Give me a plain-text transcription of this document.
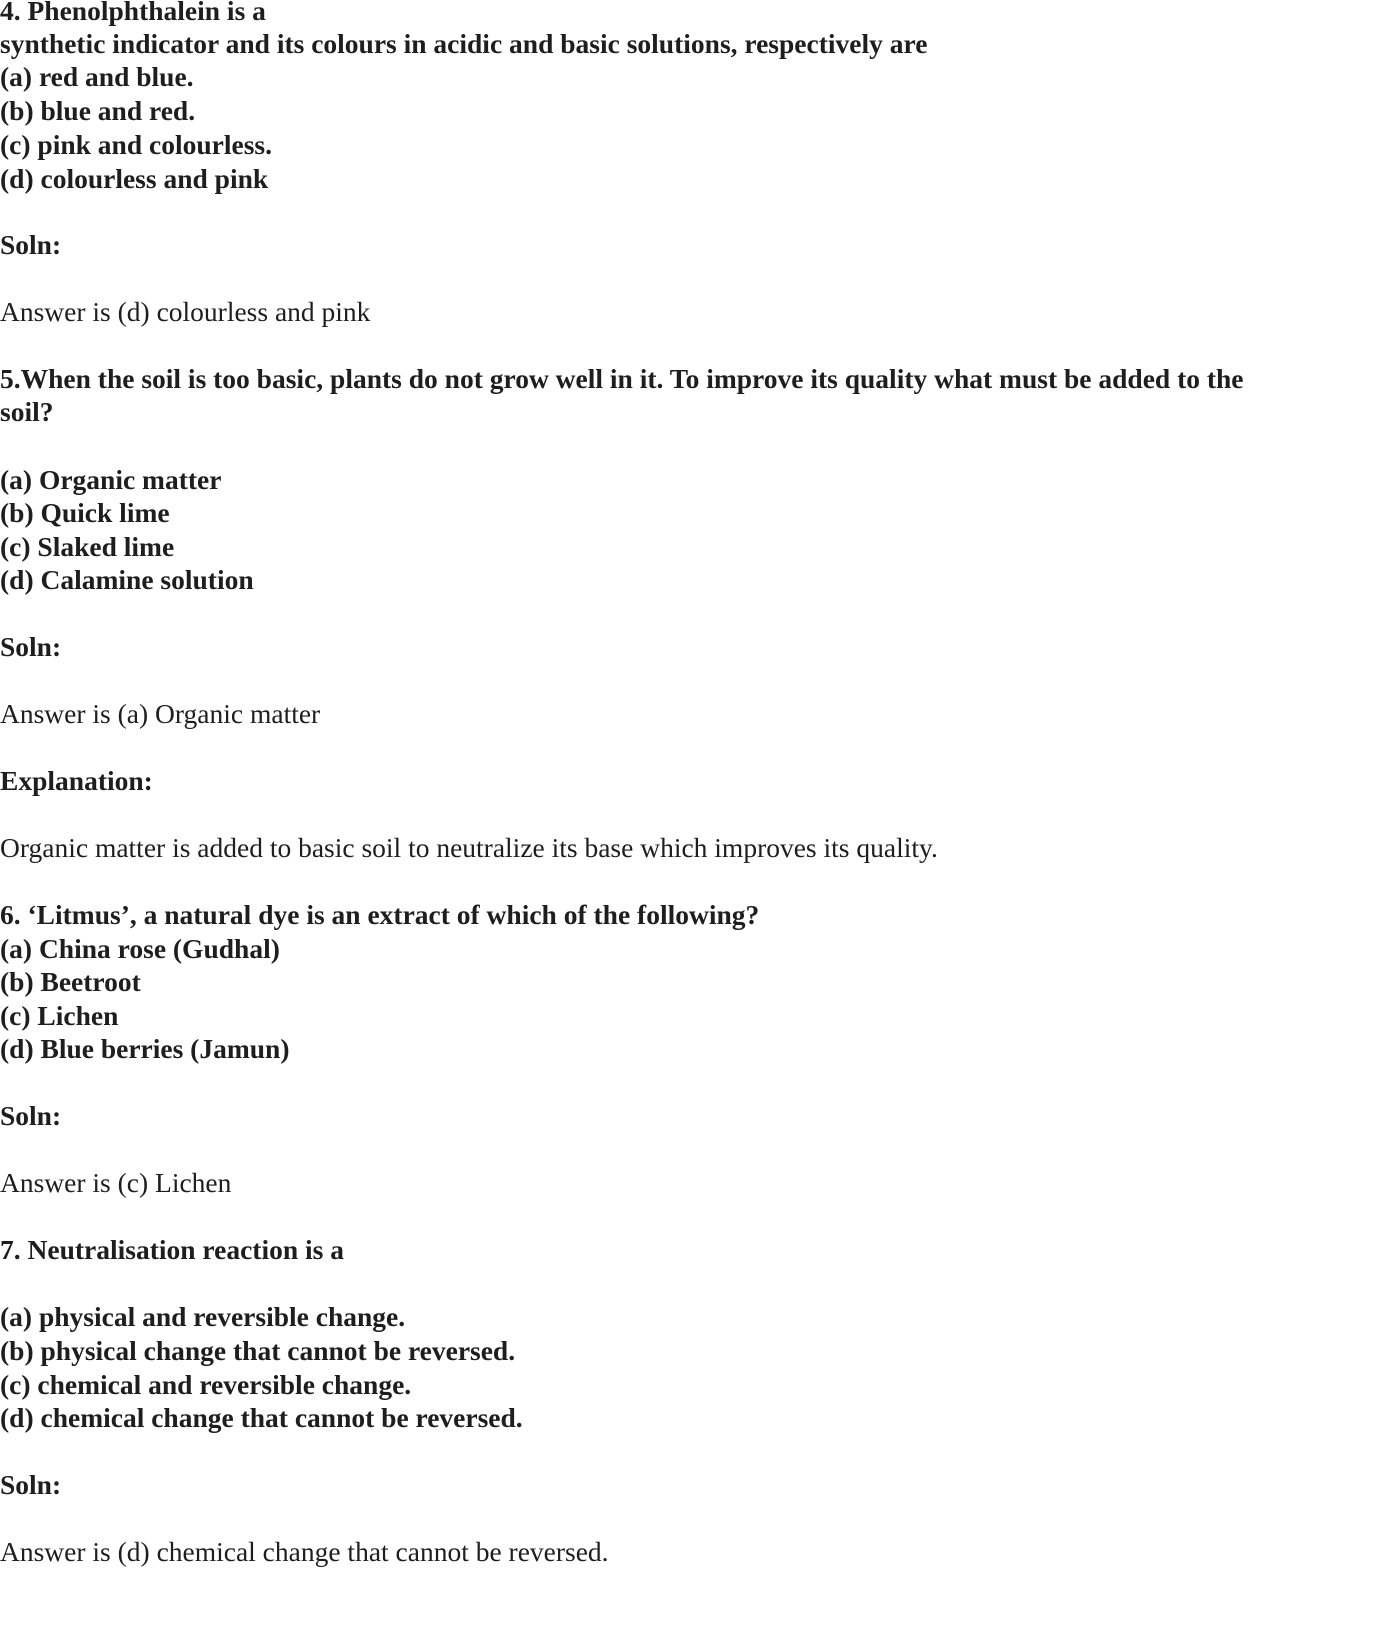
4. Phenolphthalein is a
synthetic indicator and its colours in acidic and basic solutions, respectively are
(a) red and blue.
(b) blue and red.
(c) pink and colourless.
(d) colourless and pink
Soln:
Answer is (d) colourless and pink
5.When the soil is too basic, plants do not grow well in it. To improve its quality what must be added to the
soil?
(a) Organic matter
(b) Quick lime
(c) Slaked lime
(d) Calamine solution
Soln:
Answer is (a) Organic matter
Explanation:
Organic matter is added to basic soil to neutralize its base which improves its quality.
6. ‘Litmus’, a natural dye is an extract of which of the following?
(a) China rose (Gudhal)
(b) Beetroot
(c) Lichen
(d) Blue berries (Jamun)
Soln:
Answer is (c) Lichen
7. Neutralisation reaction is a
(a) physical and reversible change.
(b) physical change that cannot be reversed.
(c) chemical and reversible change.
(d) chemical change that cannot be reversed.
Soln:
Answer is (d) chemical change that cannot be reversed.
